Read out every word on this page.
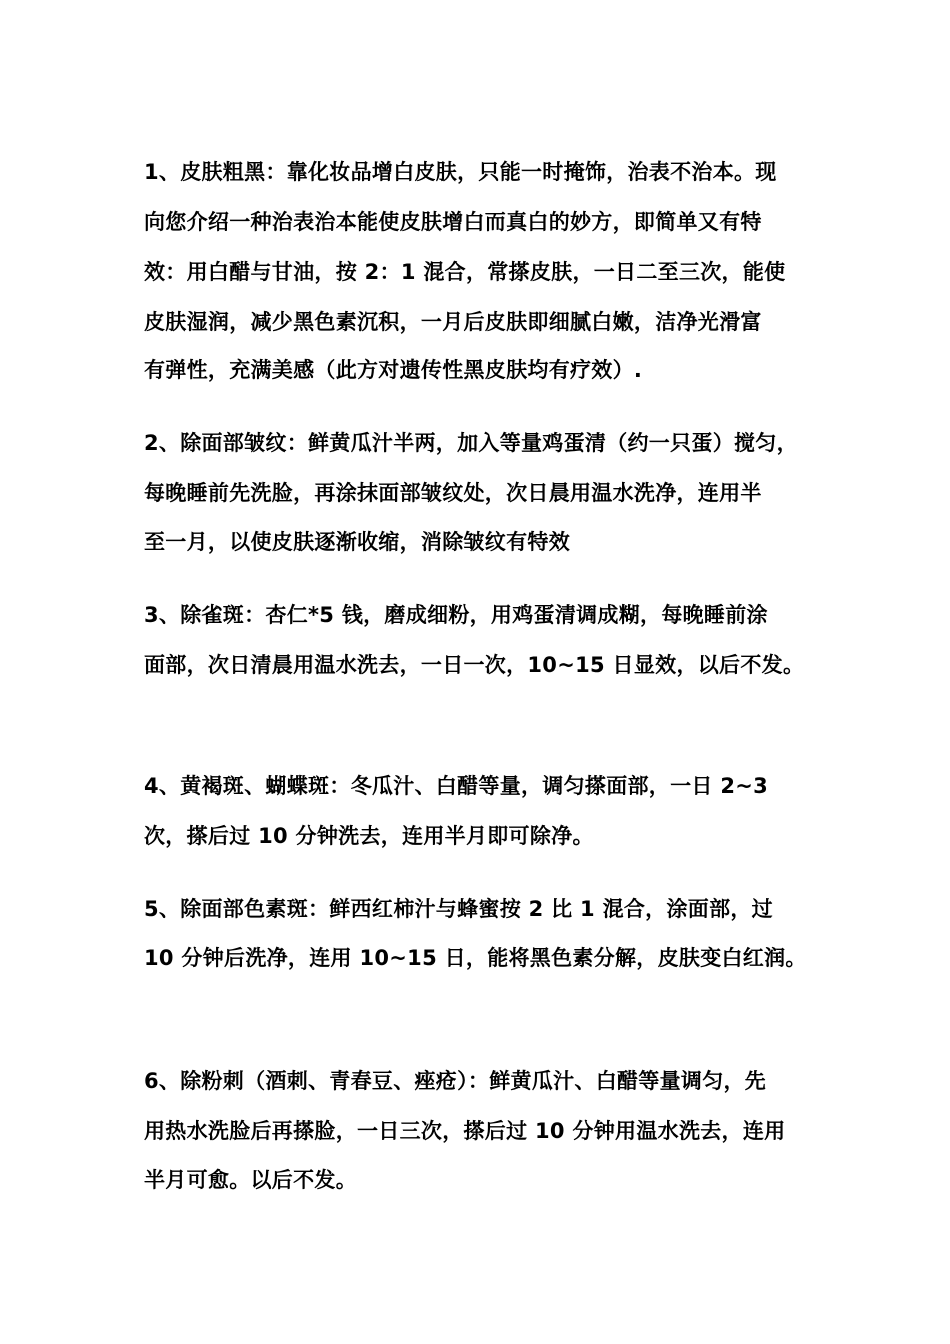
1、皮肤粗黑：靠化妆品增白皮肤，只能一时掩饰，治表不治本。现
向您介绍一种治表治本能使皮肤增白而真白的妙方，即简单又有特
效：用白醋与甘油，按 2：1 混合，常搽皮肤，一日二至三次，能使
皮肤湿润，减少黑色素沉积，一月后皮肤即细腻白嫩，洁净光滑富
有弹性，充满美感（此方对遗传性黑皮肤均有疗效）.
2、除面部皱纹：鲜黄瓜汁半两，加入等量鸡蛋清（约一只蛋）搅匀，
每晚睡前先洗脸，再涂抹面部皱纹处，次日晨用温水洗净，连用半
至一月，以使皮肤逐渐收缩，消除皱纹有特效
3、除雀斑：杏仁*5 钱，磨成细粉，用鸡蛋清调成糊，每晚睡前涂
面部，次日清晨用温水洗去，一日一次，10~15 日显效，以后不发。
4、黄褐斑、蝴蝶斑：冬瓜汁、白醋等量，调匀搽面部，一日 2~3
次，搽后过 10 分钟洗去，连用半月即可除净。
5、除面部色素斑：鲜西红柿汁与蜂蜜按 2 比 1 混合，涂面部，过
10 分钟后洗净，连用 10~15 日，能将黑色素分解，皮肤变白红润。
6、除粉刺（酒刺、青春豆、痤疮）：鲜黄瓜汁、白醋等量调匀，先
用热水洗脸后再搽脸，一日三次，搽后过 10 分钟用温水洗去，连用
半月可愈。以后不发。
